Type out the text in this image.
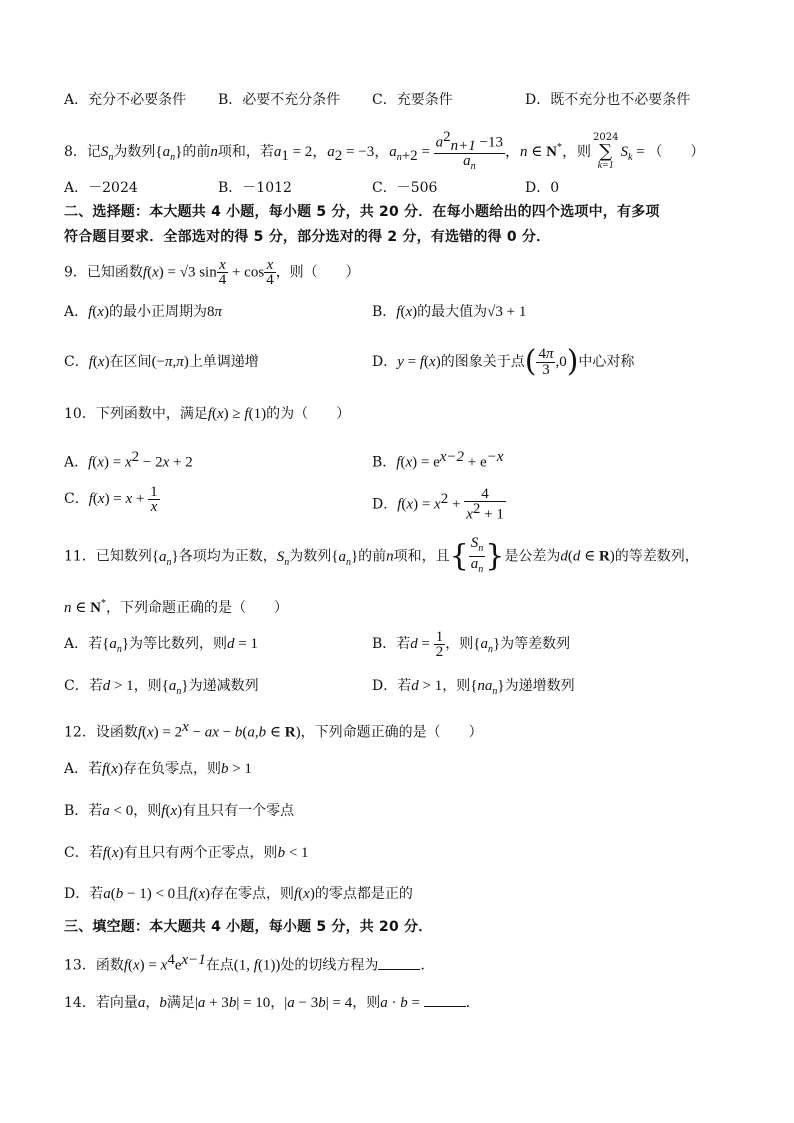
A．充分不必要条件 B．必要不充分条件 C．充要条件	D．既不充分也不必要条件
8．记$S_n$为数列$\{a_n\}$的前n项和，若$a_1 = 2$，$a_2 = -3$，$a_{n+2} = \frac{a^2_{n+1} -13}{a_n}$ ，n ∈ N*，则
2024
∑
k=1
$S_k$ = （　　）
A．－2024	B．－1012	C．－506	D．0
二、选择题：本大题共 4 小题，每小题 5 分，共 20 分．在每小题给出的四个选项中，有多项
符合题目要求．全部选对的得 5 分，部分选对的得 2 分，有选错的得 0 分．
9．已知函数f(x) = √3 $\sin \frac{x}{4} + \cos \frac{x}{4}$ ，则（　　）
A．f(x)的最小正周期为8π	B．f(x)的最大值为√3 + 1
C．f(x)在区间(−π,π)上单调递增	D．y = f(x)的图象关于点( $\frac{4\pi}{3} ,0$)中心对称
10．下列函数中，满足f(x) ≥ f(1)的为（　　）
A．$f(x) = x^2 - 2x + 2$	B．$f(x) = e^{x-2} + e^{-x}$
C．$f(x) = x + \frac{1}{x}$	D．$f(x) = x^2 + \frac{4}{x^2 + 1}$
11．已知数列$\{a_n\}$各项均为正数，$S_n$为数列$\{a_n\}$的前n项和，且{ $\frac{S_n}{a_n}$ }是公差为d(d ∈ R)的等差数列，
n ∈ N*，下列命题正确的是（　　）
A．若$\{a_n\}$为等比数列，则d = 1	B．若$d = \frac{1}{2}$ ，则$\{a_n\}$为等差数列
C．若d > 1，则$\{a_n\}$为递减数列	D．若d > 1，则$\{na_n\}$为递增数列
12．设函数$f(x) = 2^x$ − ax − b(a,b ∈ R)，下列命题正确的是（　　）
A．若f(x)存在负零点，则b > 1
B．若a < 0，则f(x)有且只有一个零点
C．若f(x)有且只有两个正零点，则b < 1
D．若a(b − 1) < 0且f(x)存在零点，则f(x)的零点都是正的
三、填空题：本大题共 4 小题，每小题 5 分，共 20 分．
13．函数$f(x) = x^4e^{x-1}$在点(1, f(1))处的切线方程为	．
14．若向量a，b满足|a + 3b| = 10，|a − 3b| = 4，则a · b =	．
